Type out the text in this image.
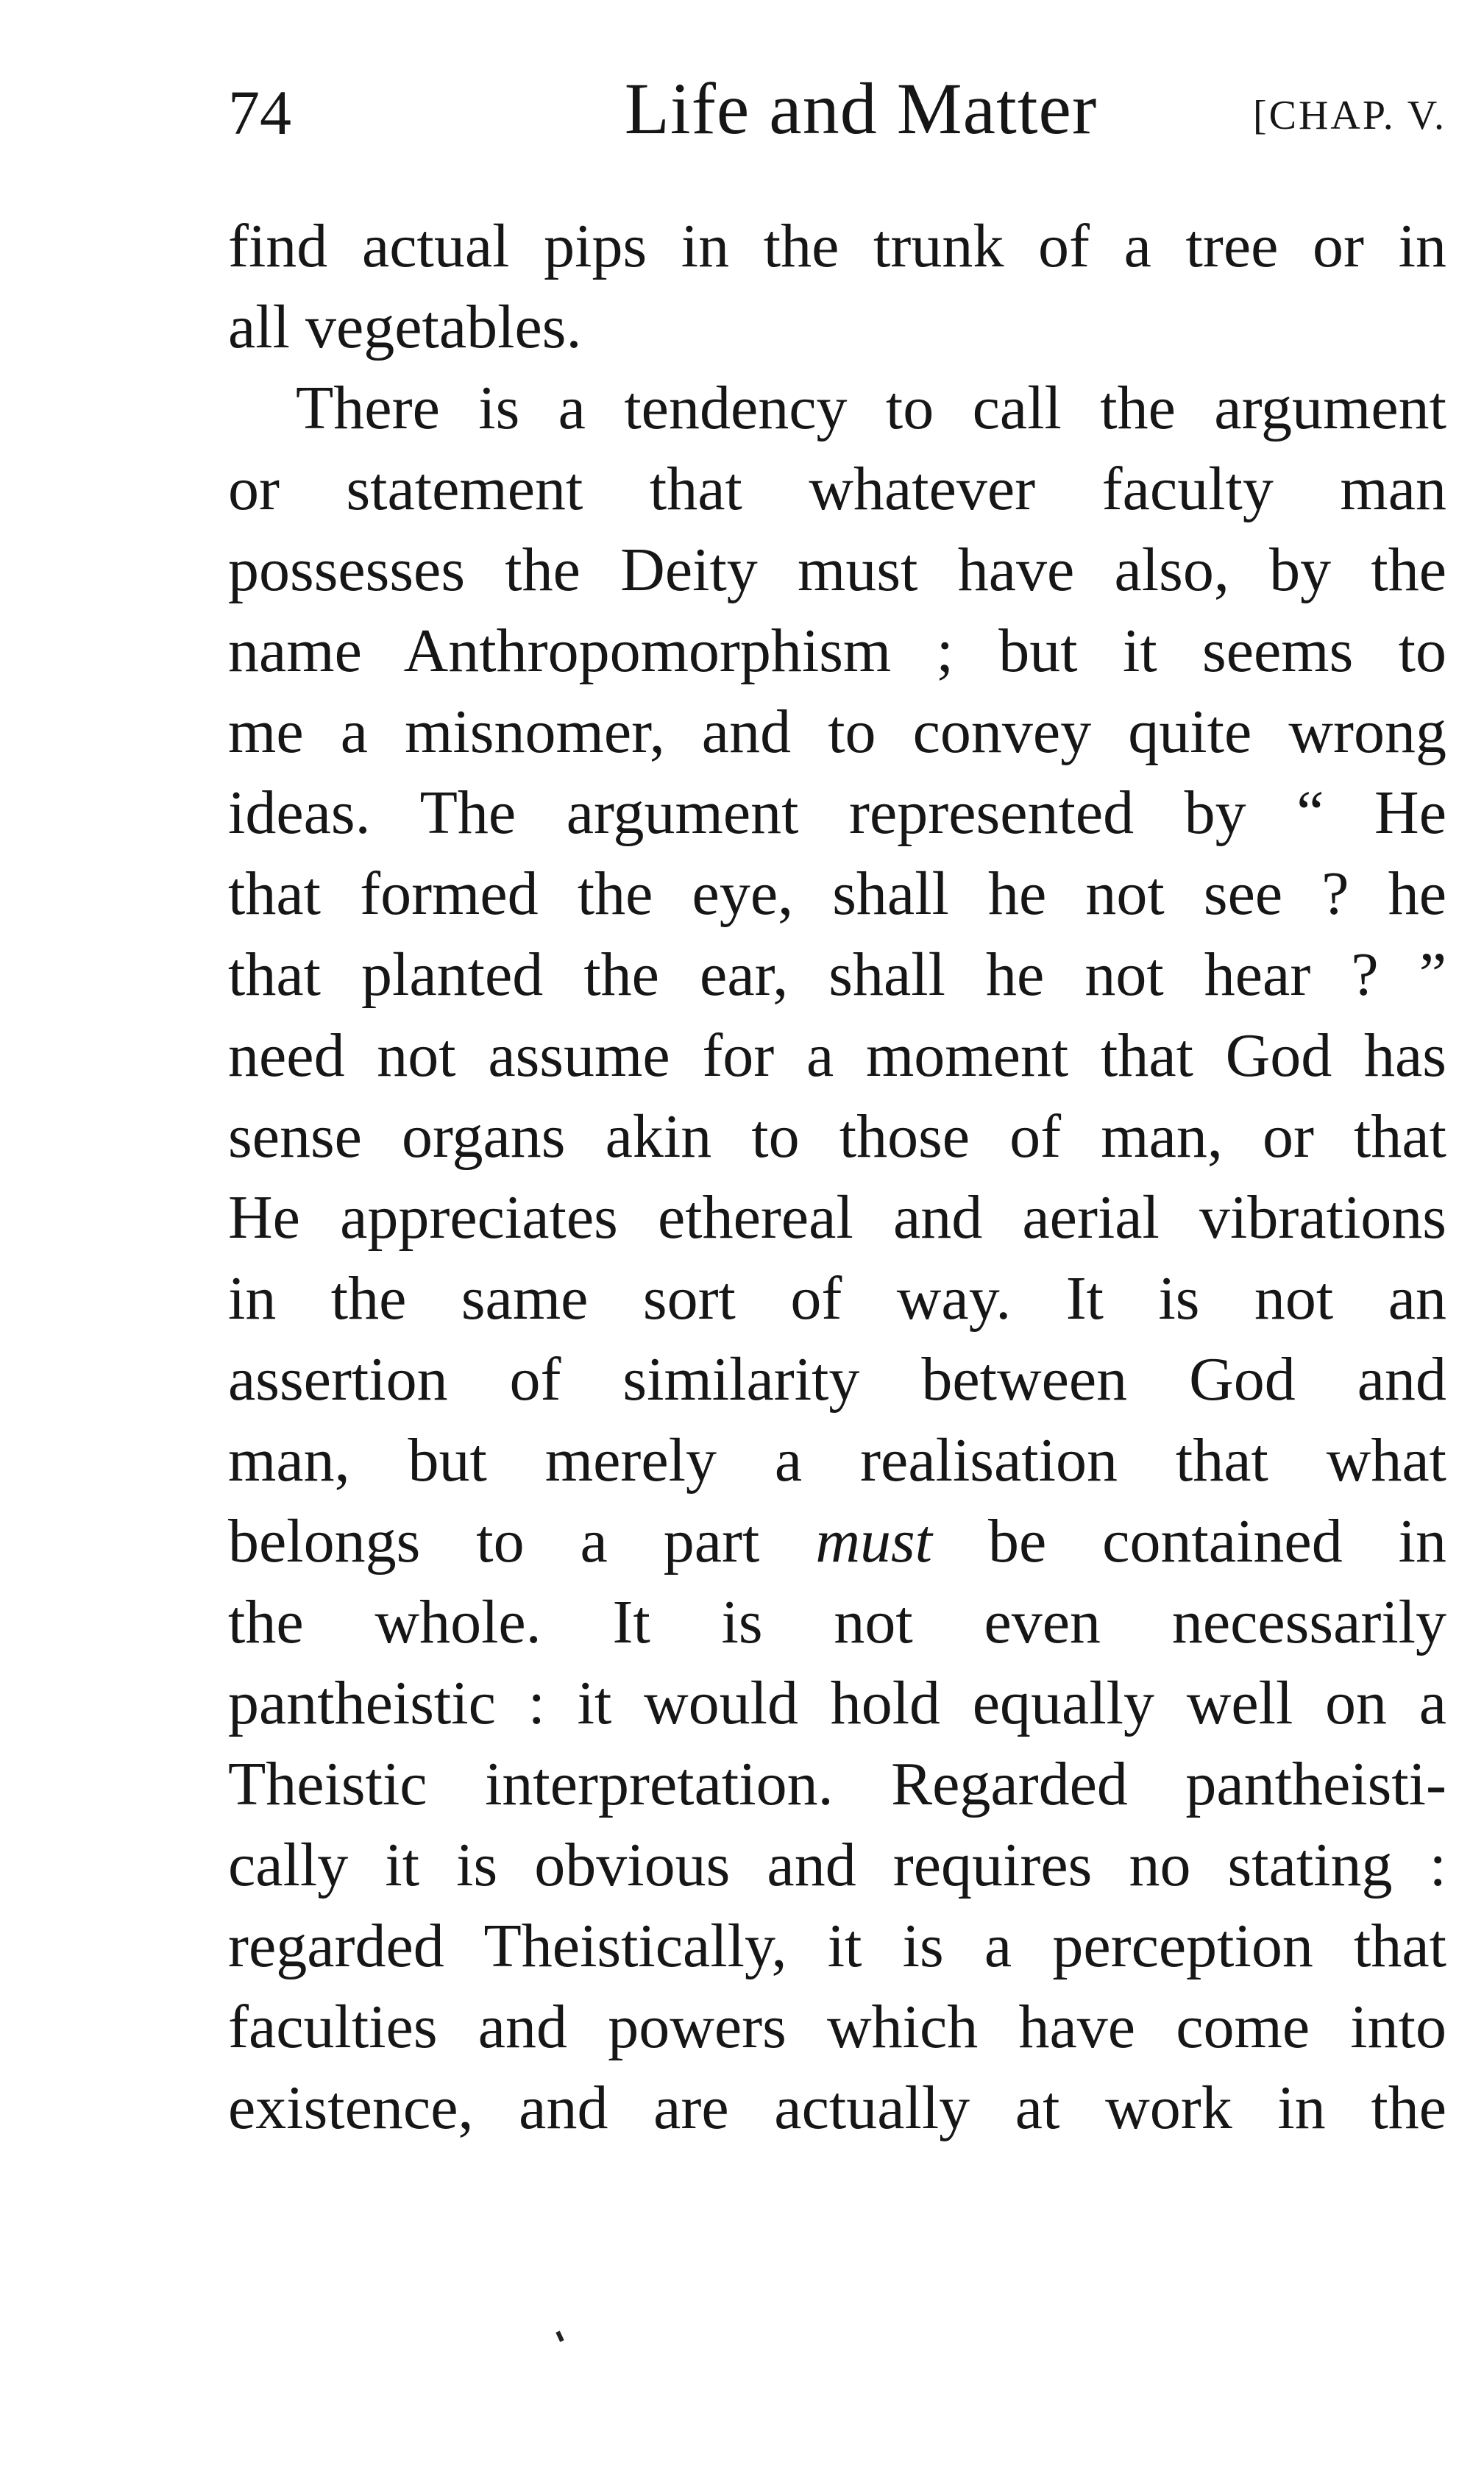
74	Life and Matter	[CHAP. V.
find actual pips in the trunk of a tree or in
all vegetables.
There is a tendency to call the argument
or statement that whatever faculty man
possesses the Deity must have also, by the
name Anthropomorphism ; but it seems to
me a misnomer, and to convey quite wrong
ideas. The argument represented by “ He
that formed the eye, shall he not see ? he
that planted the ear, shall he not hear ? ”
need not assume for a moment that God has
sense organs akin to those of man, or that
He appreciates ethereal and aerial vibrations
in the same sort of way. It is not an
assertion of similarity between God and
man, but merely a realisation that what
belongs to a part must be contained in
the whole. It is not even necessarily
pantheistic : it would hold equally well on a
Theistic interpretation. Regarded pantheisti-
cally it is obvious and requires no stating :
regarded Theistically, it is a perception that
faculties and powers which have come into
existence, and are actually at work in the
